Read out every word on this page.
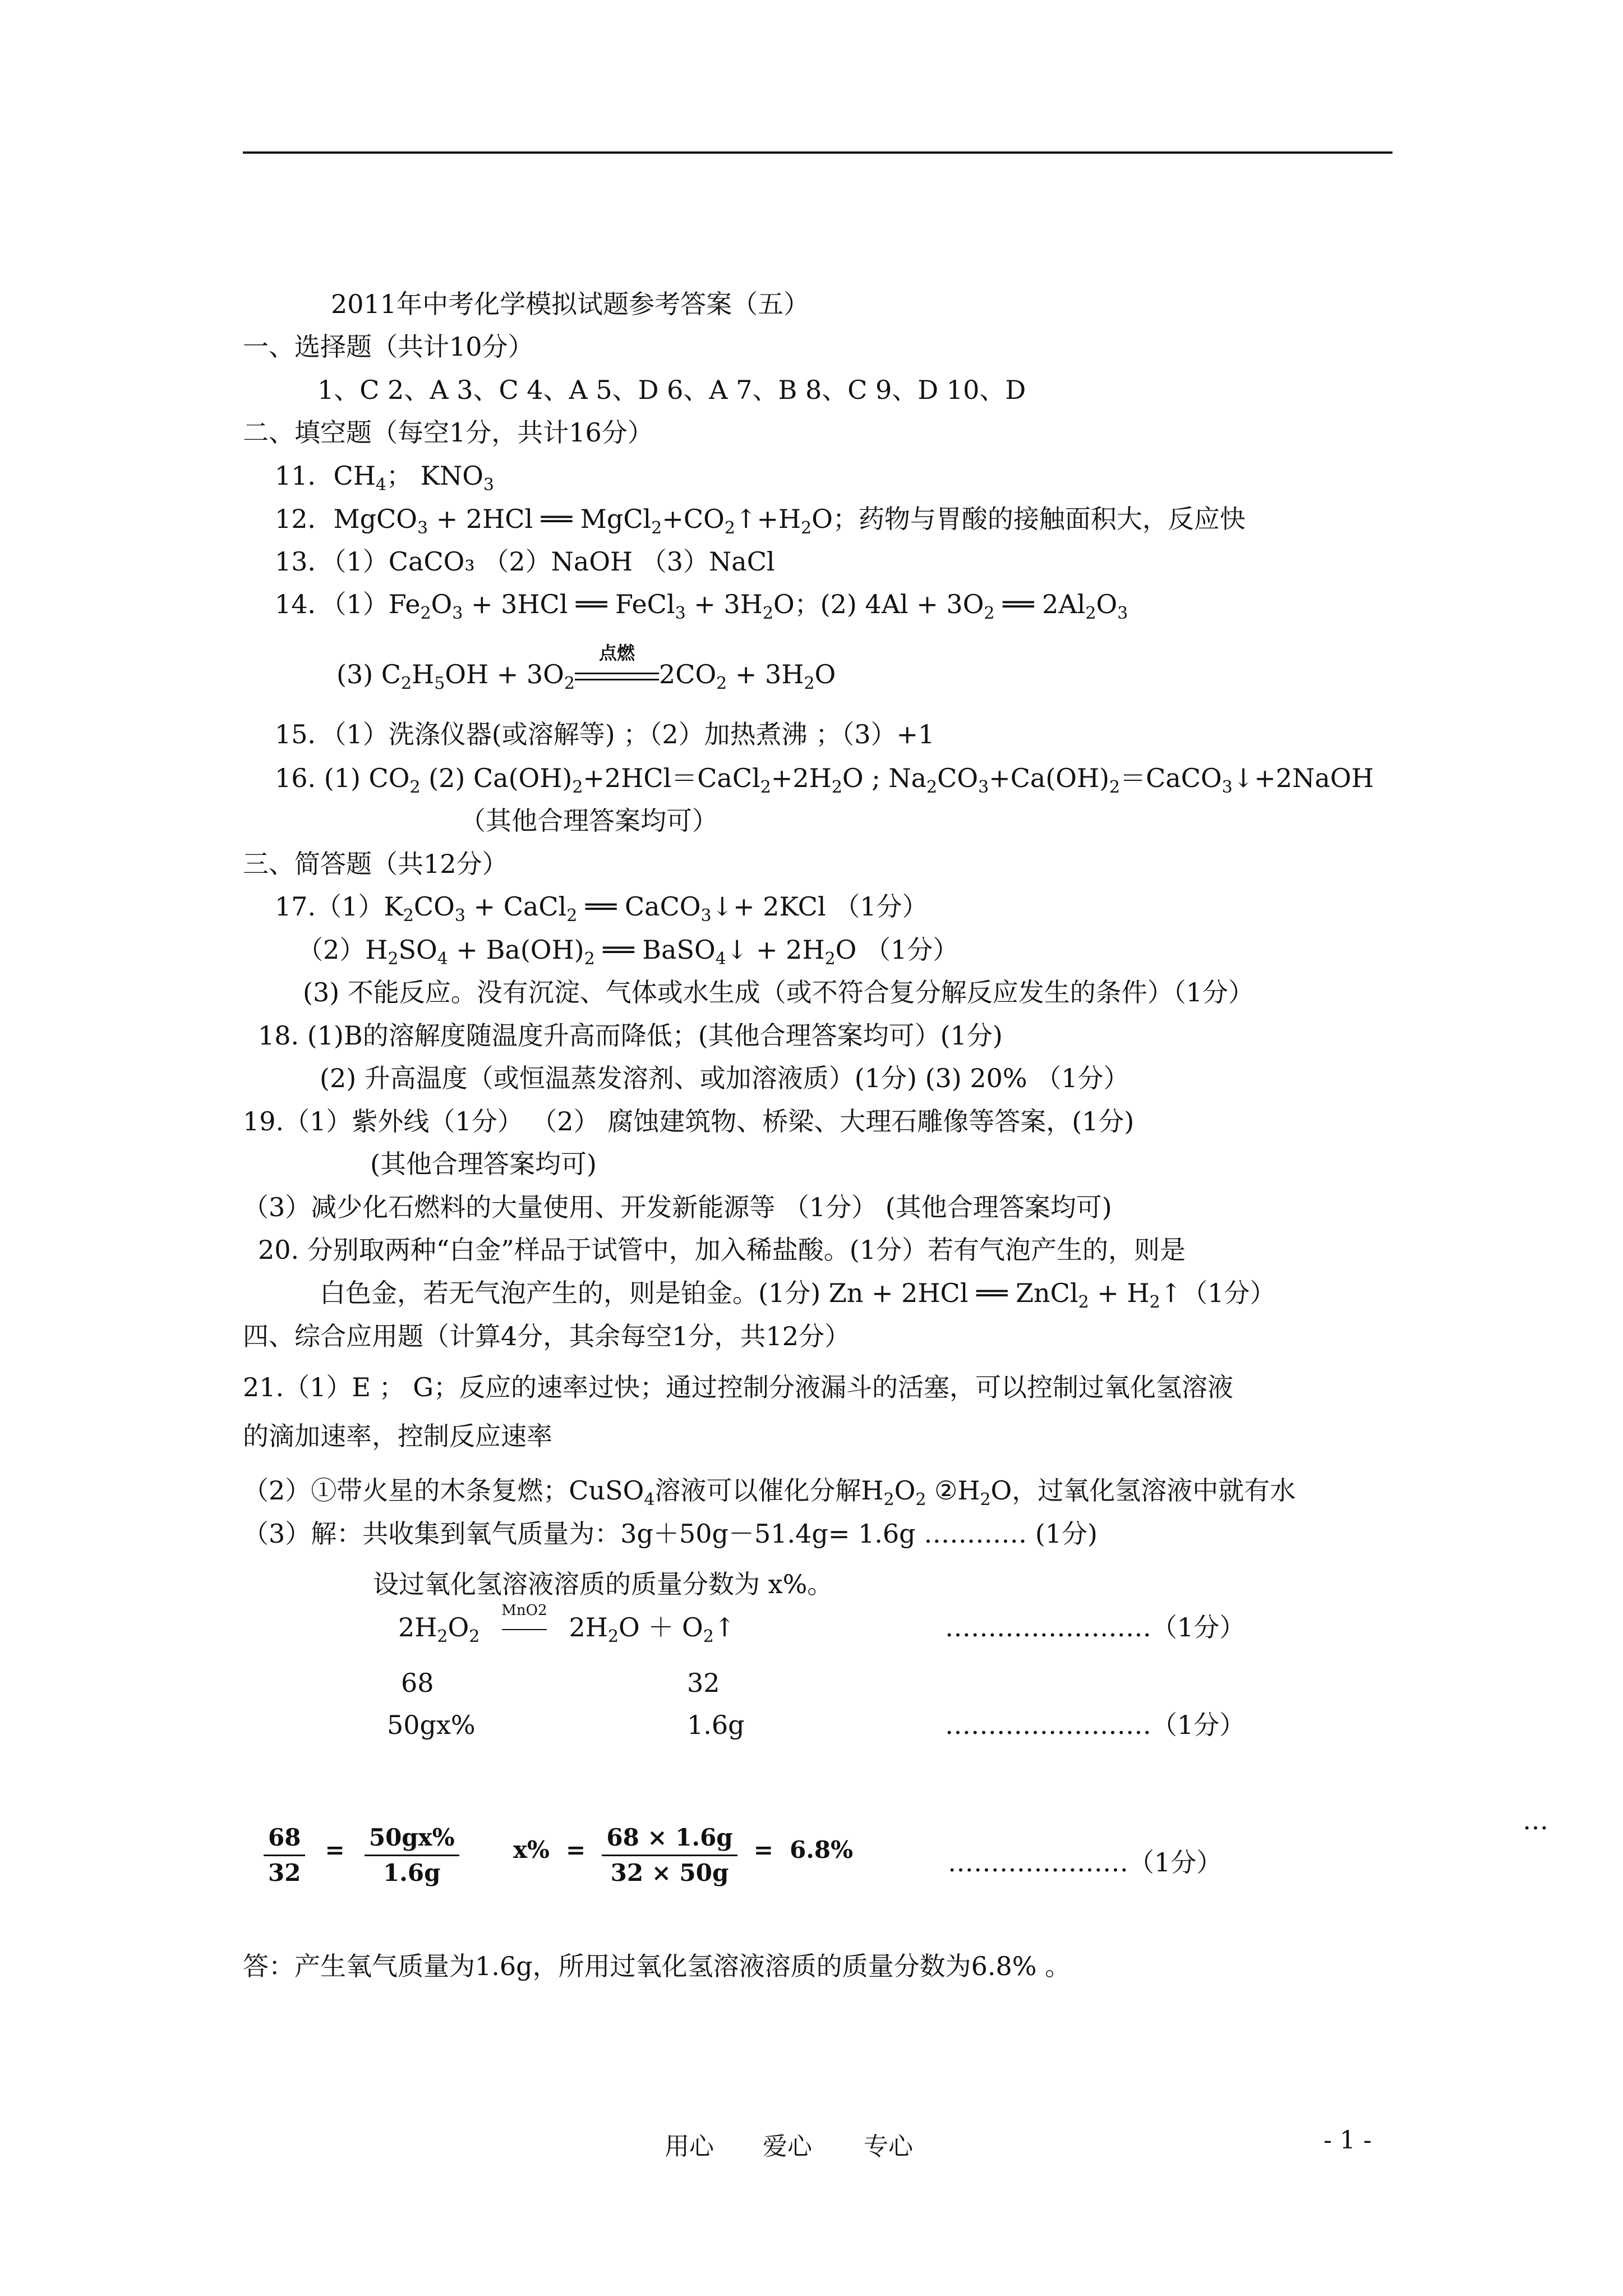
2011年中考化学模拟试题参考答案（五）
一、选择题（共计10分）
1、C 2、A 3、C 4、A 5、D 6、A 7、B 8、C 9、D 10、D
二、填空题（每空1分，共计16分）
11．$CH_4$； $KNO_3$
12．MgCO$_3$ + 2HCl ══ $MgCl_2+CO_2↑+H_2O$；药物与胃酸的接触面积大，反应快
13．（1）CaCO₃ （2）NaOH （3）NaCl
14．$(1)Fe_2O_3 + 3HCl$ ══ FeCl$_3$ + $3H_2O$；(2) $4Al + 3O_2$ ══ $2Al_2O_3$
(3) $C_2H_5OH + 3O_2$
点燃
$2CO_2 + 3H_2O$
15．（1）洗涤仪器(或溶解等) ；（2）加热煮沸 ；（3）+1
16. (1) $CO_2$ (2) $Ca(OH)_2+2HCl=CaCl_2+2H_2O$ ; $Na_2CO_3+Ca(OH)_2=CaCO_3↓+2NaOH$
（其他合理答案均可）
三、简答题（共12分）
$17.(1)K_2CO_3$ + CaCl$_2$ ══ CaCO$_3$↓+ 2KCl （1分）
$(2)H_2SO_4 + Ba(OH)_2$ ══ BaSO$_4$↓ + $2H_2O$ （1分）
(3) 不能反应。没有沉淀、气体或水生成（或不符合复分解反应发生的条件）（1分）
18. (1)B的溶解度随温度升高而降低；(其他合理答案均可）(1分)
(2) 升高温度（或恒温蒸发溶剂、或加溶液质）(1分) (3) 20% （1分）
19.（1）紫外线（1分） （2） 腐蚀建筑物、桥梁、大理石雕像等答案，(1分)
(其他合理答案均可)
（3）减少化石燃料的大量使用、开发新能源等 （1分） (其他合理答案均可)
20. 分别取两种“白金”样品于试管中，加入稀盐酸。(1分）若有气泡产生的，则是
白色金，若无气泡产生的，则是铂金。(1分) Zn + 2HCl ══ ZnCl$_2$ + $H_2↑(1$分）
四、综合应用题（计算4分，其余每空1分，共12分）
21.（1）E ； G；反应的速率过快；通过控制分液漏斗的活塞，可以控制过氧化氢溶液
的滴加速率，控制反应速率
（2）①带火星的木条复燃；CuSO$_4$溶液可以催化分解$H_2O_2$ $②H_2O$，过氧化氢溶液中就有水
（3）解：共收集到氧气质量为：3g＋50g－51.4g= 1.6g ………… (1分)
设过氧化氢溶液溶质的质量分数为 x%。
$2H_2O_2$
MnO2
$2H_2O$ ＋ $O_2↑$	……………………（1分）
68	32
50gx%	1.6g	……………………（1分）
…
$\frac{68}{32} = \frac{50gx\%}{1.6g} x\% = \frac{68 \times 1.6g}{32 \times 50g} = 6.8\%$	…………………（1分）
答：产生氧气质量为1.6g，所用过氧化氢溶液溶质的质量分数为6.8% 。
用心 爱心 专心	- 1 -
